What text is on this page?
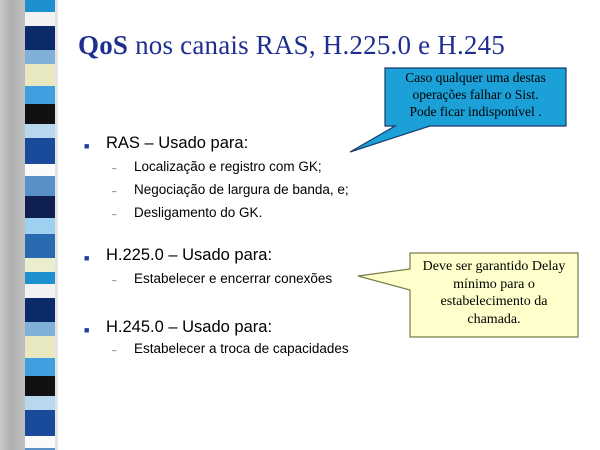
QoS nos canais RAS, H.225.0 e H.245
■ RAS – Usado para:
– Localização e registro com GK;
– Negociação de largura de banda, e;
– Desligamento do GK.
■ H.225.0 – Usado para:
– Estabelecer e encerrar conexões
■ H.245.0 – Usado para:
– Estabelecer a troca de capacidades
Caso qualquer uma destas
operações falhar o Sist.
Pode ficar indisponível .
Deve ser garantido Delay
mínimo para o
estabelecimento da
chamada.
